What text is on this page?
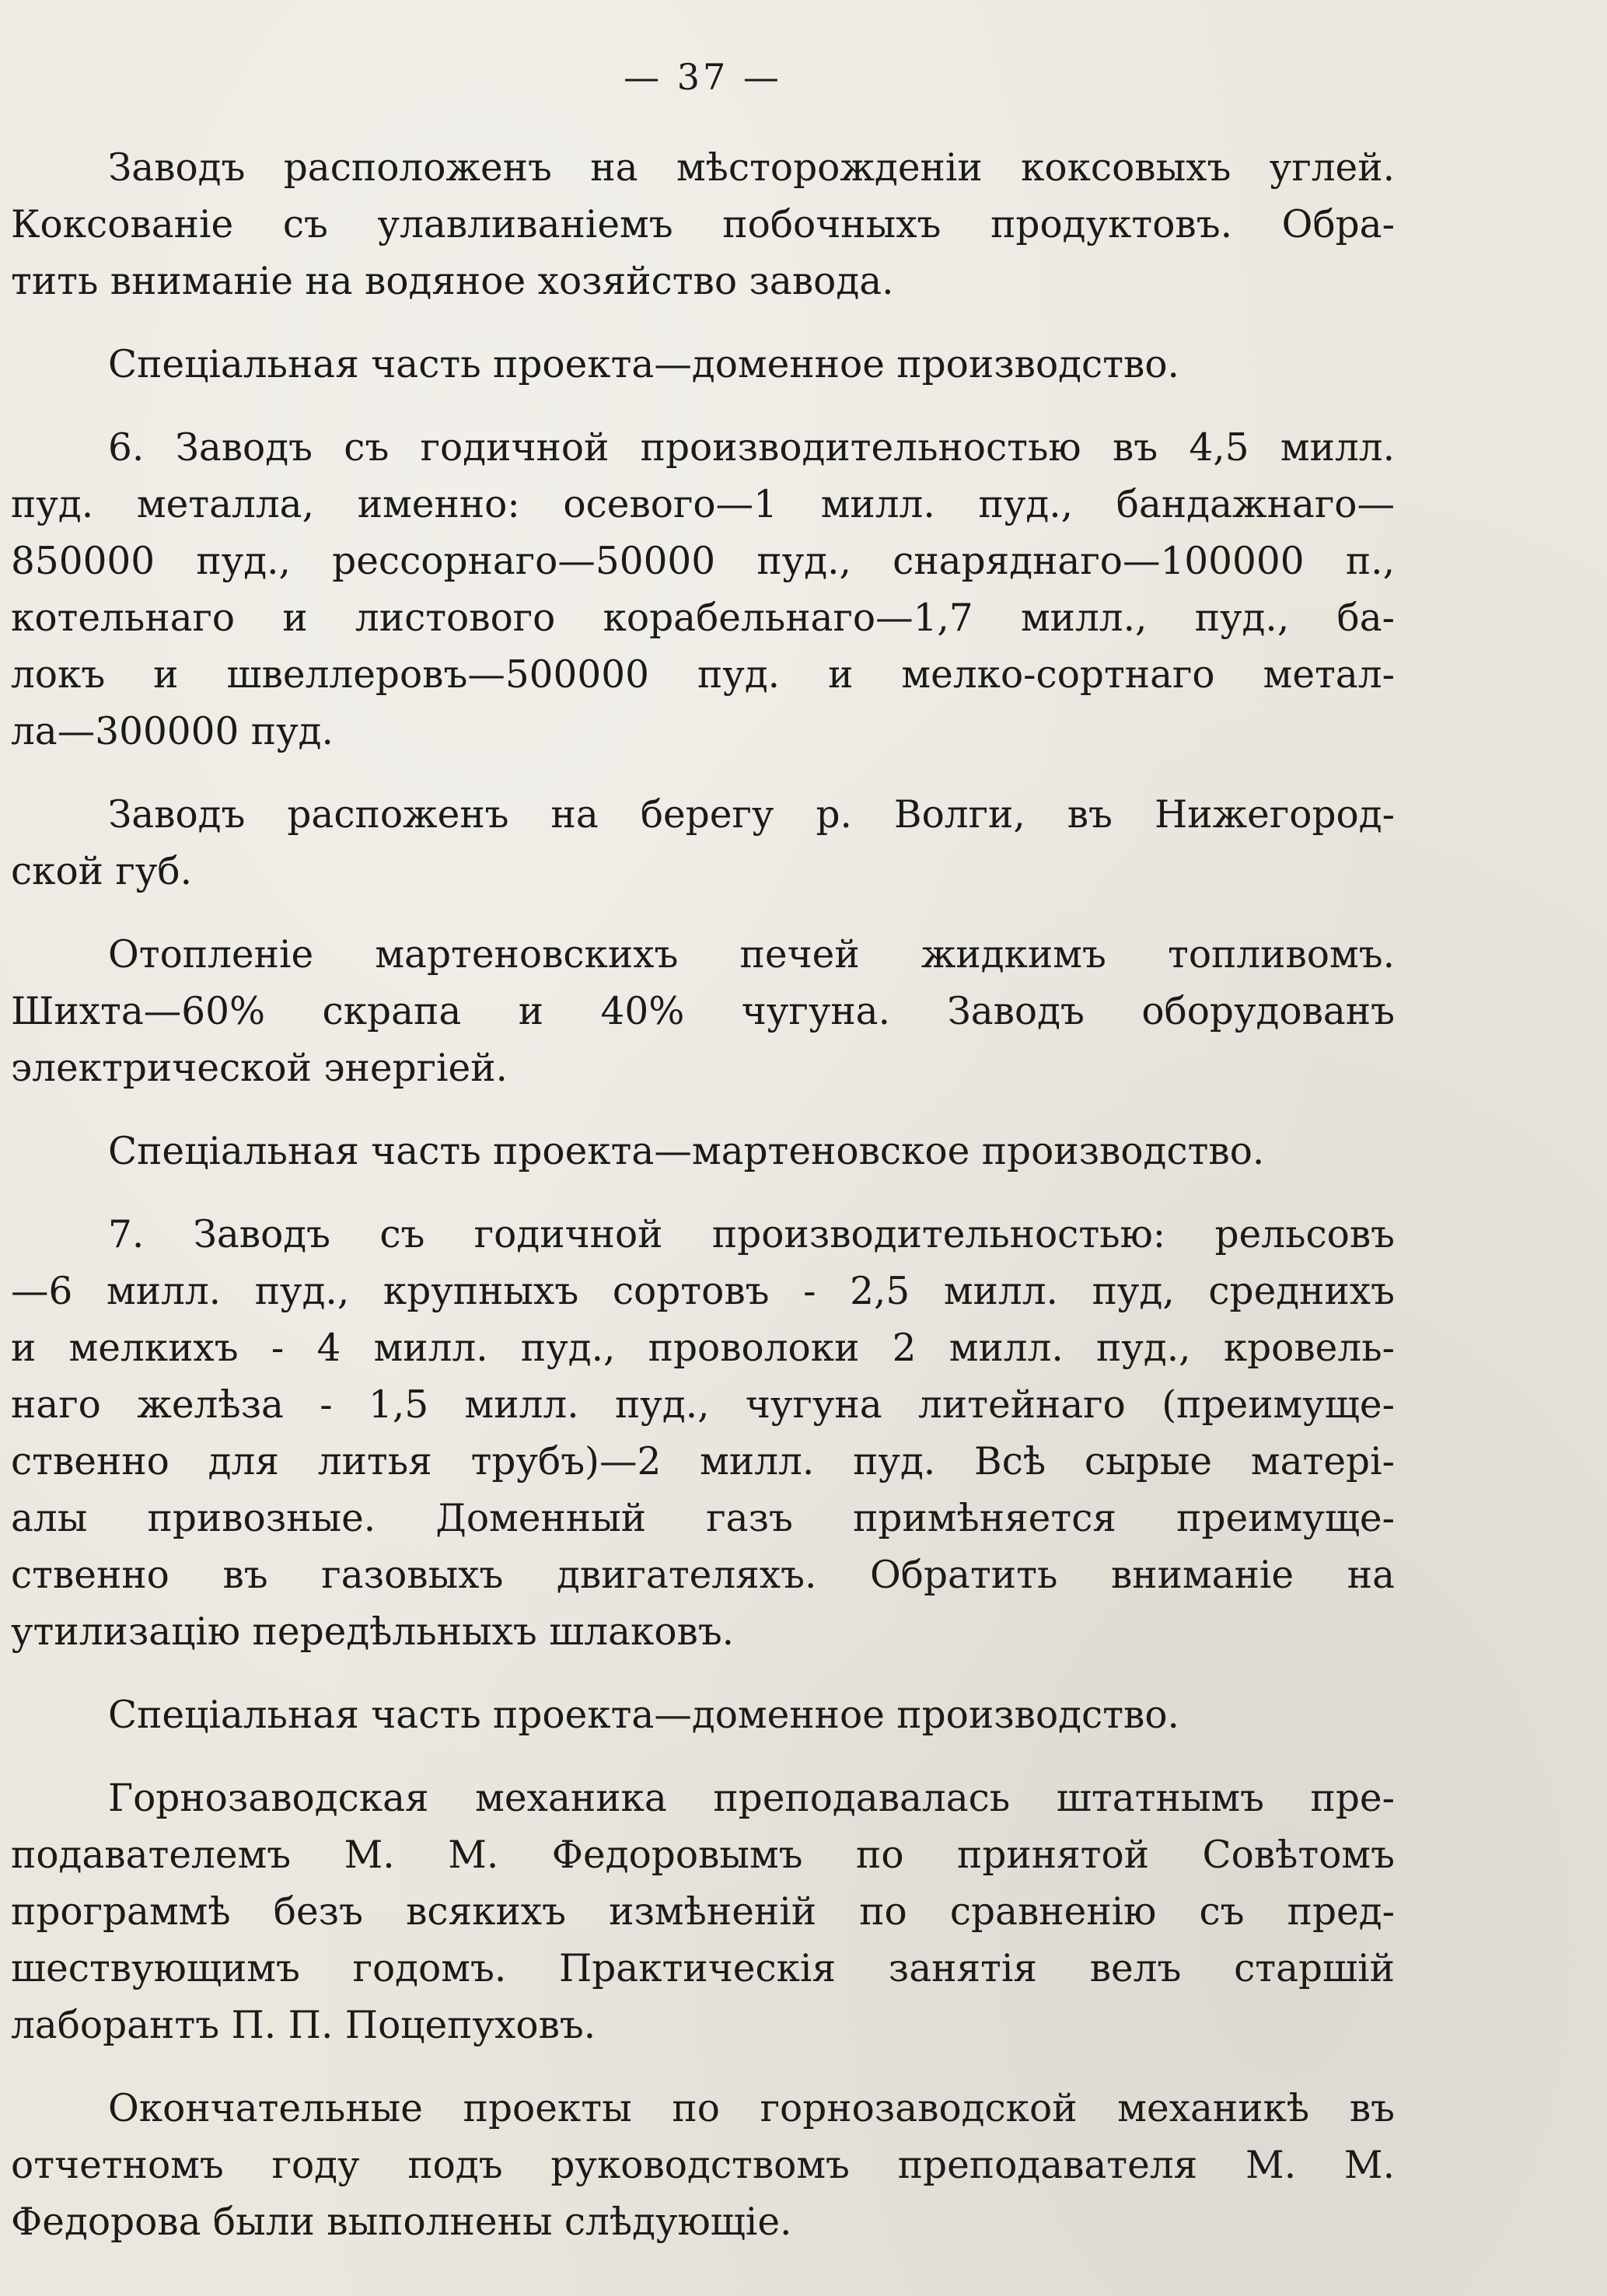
— 37 —
Заводъ расположенъ на мѣсторожденіи коксовыхъ углей.
Коксованіе съ улавливаніемъ побочныхъ продуктовъ. Обра-
тить вниманіе на водяное хозяйство завода.
Спеціальная часть проекта—доменное производство.
6. Заводъ съ годичной производительностью въ 4,5 милл.
пуд. металла, именно: осевого—1 милл. пуд., бандажнаго—
850000 пуд., рессорнаго—50000 пуд., снаряднаго—100000 п.,
котельнаго и листового корабельнаго—1,7 милл., пуд., ба-
локъ и швеллеровъ—500000 пуд. и мелко-сортнаго метал-
ла—300000 пуд.
Заводъ распоженъ на берегу р. Волги, въ Нижегород-
ской губ.
Отопленіе мартеновскихъ печей жидкимъ топливомъ.
Шихта—60% скрапа и 40% чугуна. Заводъ оборудованъ
электрической энергіей.
Спеціальная часть проекта—мартеновское производство.
7. Заводъ съ годичной производительностью: рельсовъ
—6 милл. пуд., крупныхъ сортовъ - 2,5 милл. пуд, среднихъ
и мелкихъ - 4 милл. пуд., проволоки 2 милл. пуд., кровель-
наго желѣза - 1,5 милл. пуд., чугуна литейнаго (преимуще-
ственно для литья трубъ)—2 милл. пуд. Всѣ сырые матері-
алы привозные. Доменный газъ примѣняется преимуще-
ственно въ газовыхъ двигателяхъ. Обратить вниманіе на
утилизацію передѣльныхъ шлаковъ.
Спеціальная часть проекта—доменное производство.
Горнозаводская механика преподавалась штатнымъ пре-
подавателемъ М. М. Федоровымъ по принятой Совѣтомъ
программѣ безъ всякихъ измѣненій по сравненію съ пред-
шествующимъ годомъ. Практическія занятія велъ старшій
лаборантъ П. П. Поцепуховъ.
Окончательные проекты по горнозаводской механикѣ въ
отчетномъ году подъ руководствомъ преподавателя М. М.
Федорова были выполнены слѣдующіе.
